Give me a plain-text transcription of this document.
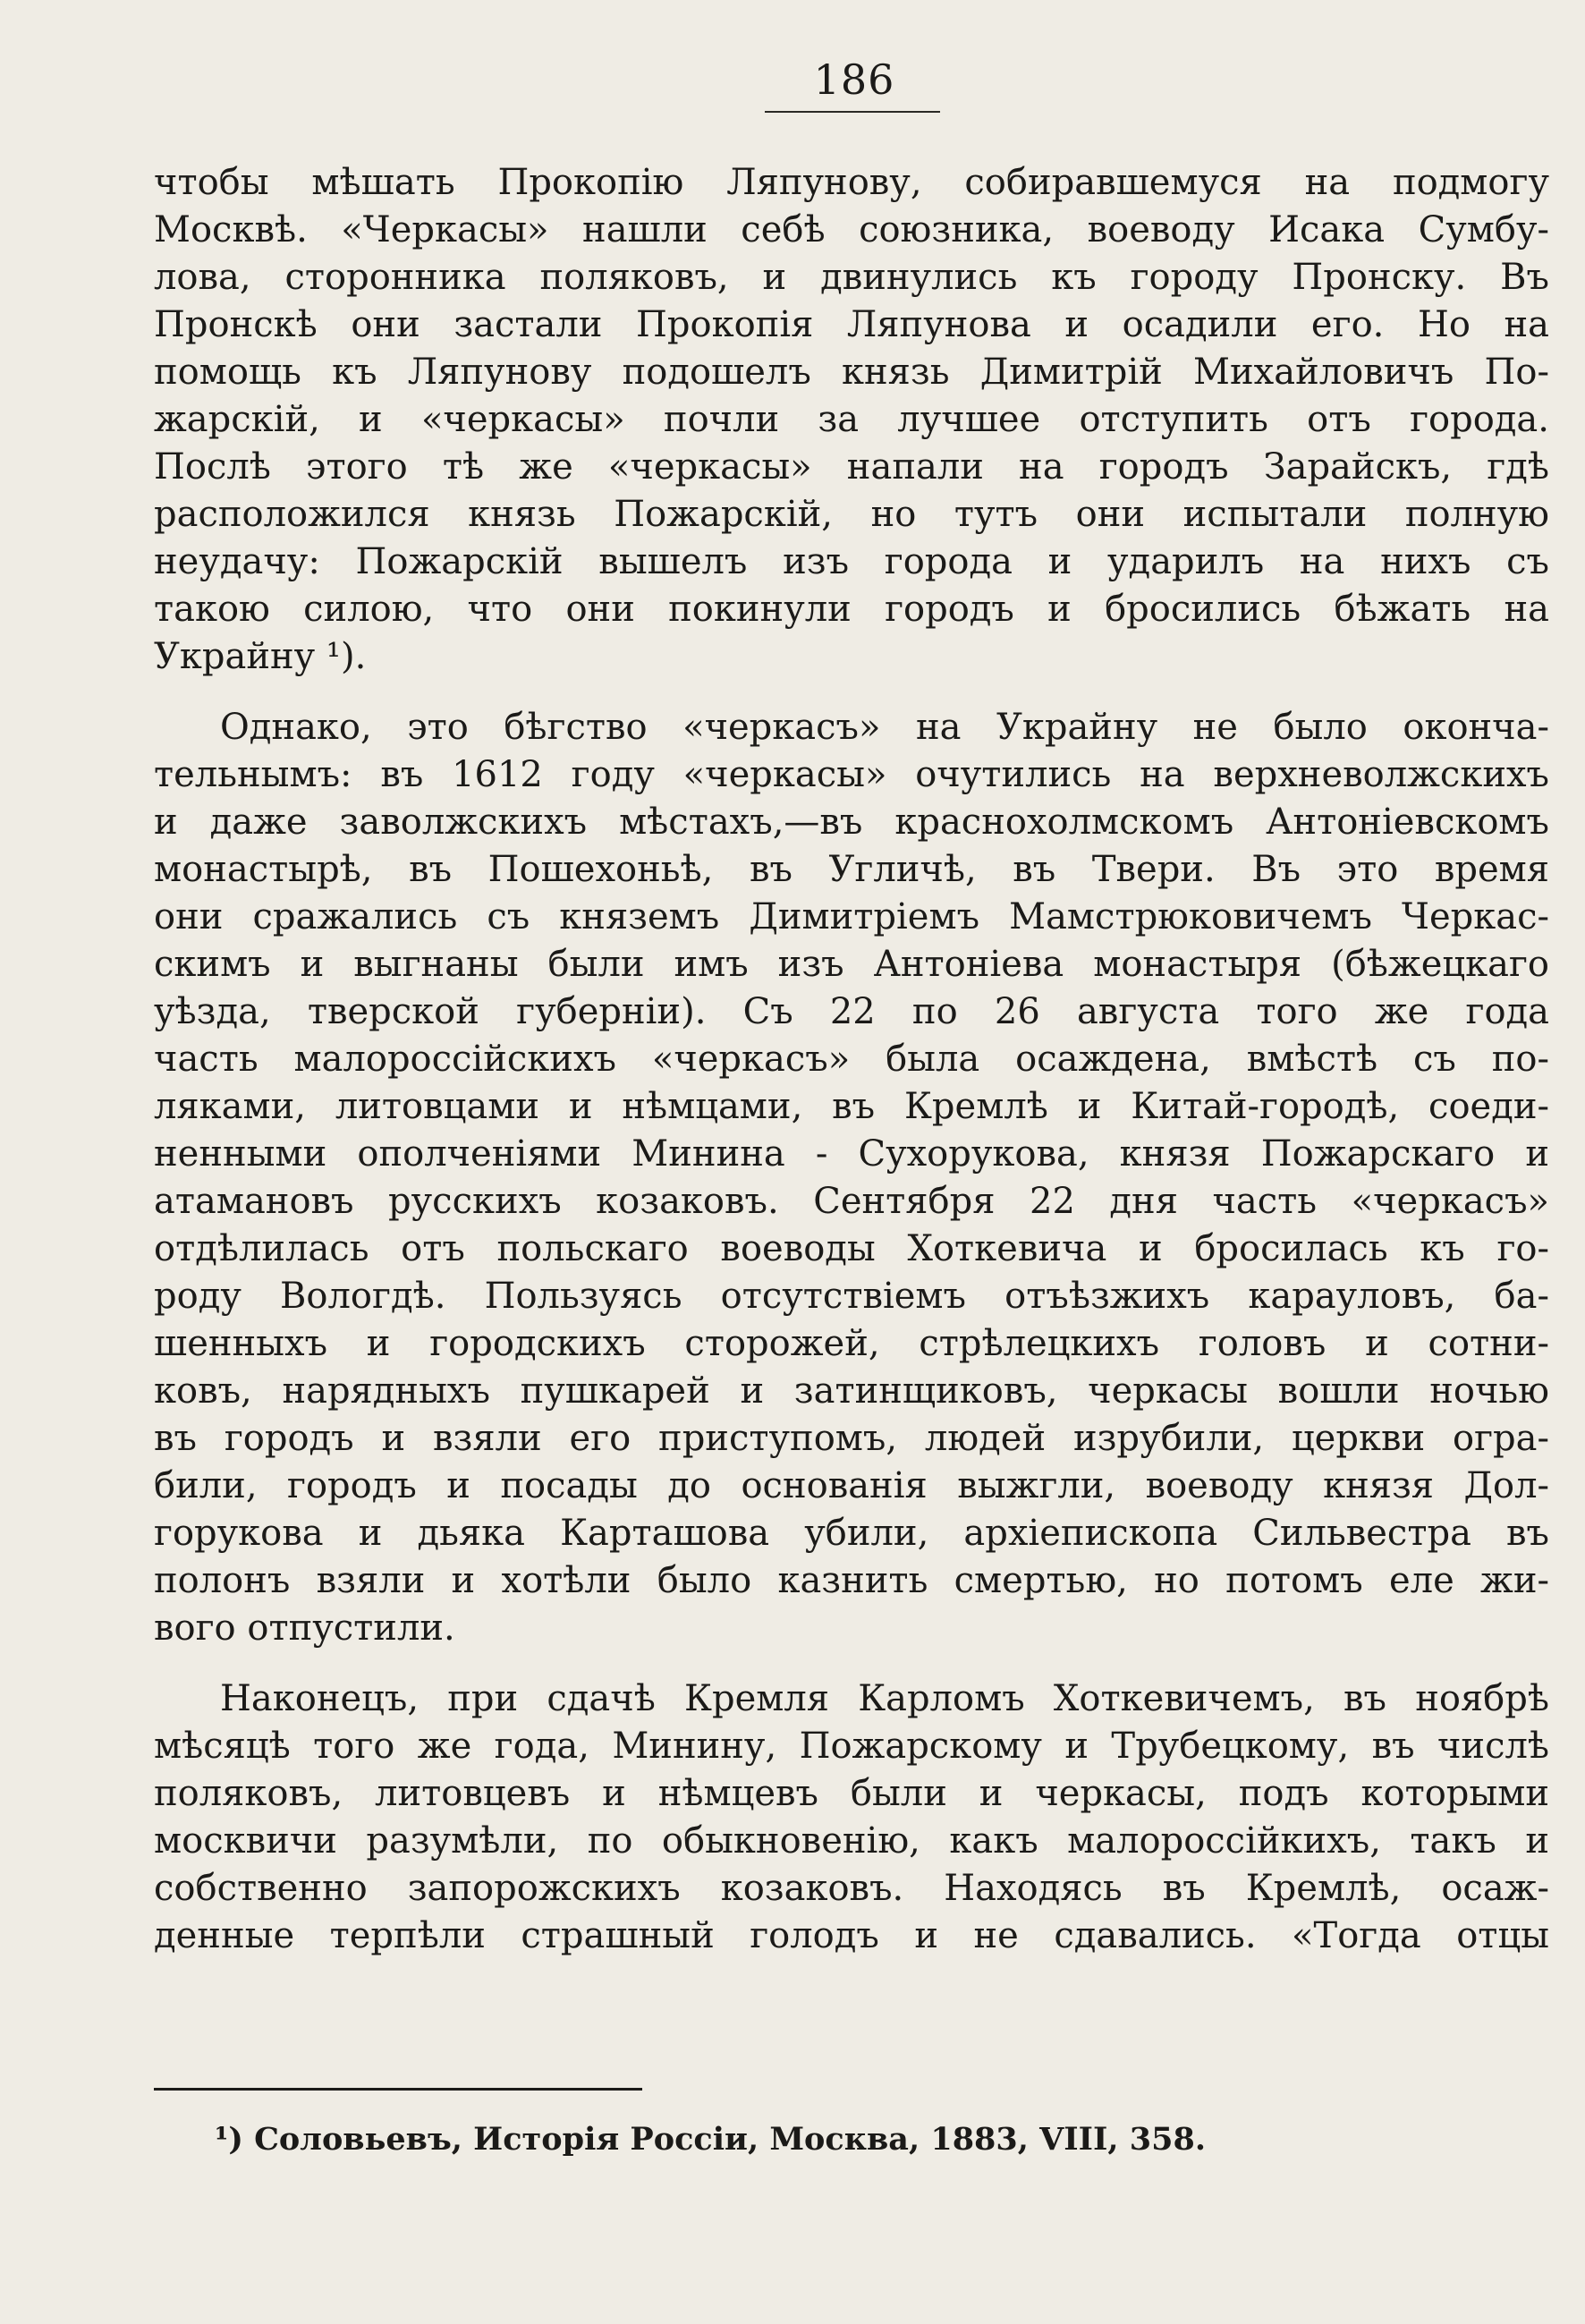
186
чтобы мѣшать Прокопію Ляпунову, собиравшемуся на подмогу
Москвѣ. «Черкасы» нашли себѣ союзника, воеводу Исака Сумбу-
лова, сторонника поляковъ, и двинулись къ городу Пронску. Въ
Пронскѣ они застали Прокопія Ляпунова и осадили его. Но на
помощь къ Ляпунову подошелъ князь Димитрій Михайловичъ По-
жарскій, и «черкасы» почли за лучшее отступить отъ города.
Послѣ этого тѣ же «черкасы» напали на городъ Зарайскъ, гдѣ
расположился князь Пожарскій, но тутъ они испытали полную
неудачу: Пожарскій вышелъ изъ города и ударилъ на нихъ съ
такою силою, что они покинули городъ и бросились бѣжать на
Украйну ¹).
Однако, это бѣгство «черкасъ» на Украйну не было оконча-
тельнымъ: въ 1612 году «черкасы» очутились на верхневолжскихъ
и даже заволжскихъ мѣстахъ,—въ краснохолмскомъ Антоніевскомъ
монастырѣ, въ Пошехоньѣ, въ Угличѣ, въ Твери. Въ это время
они сражались съ княземъ Димитріемъ Мамстрюковичемъ Черкас-
скимъ и выгнаны были имъ изъ Антоніева монастыря (бѣжецкаго
уѣзда, тверской губерніи). Съ 22 по 26 августа того же года
часть малороссійскихъ «черкасъ» была осаждена, вмѣстѣ съ по-
ляками, литовцами и нѣмцами, въ Кремлѣ и Китай-городѣ, соеди-
ненными ополченіями Минина - Сухорукова, князя Пожарскаго и
атамановъ русскихъ козаковъ. Сентября 22 дня часть «черкасъ»
отдѣлилась отъ польскаго воеводы Хоткевича и бросилась къ го-
роду Вологдѣ. Пользуясь отсутствіемъ отъѣзжихъ карауловъ, ба-
шенныхъ и городскихъ сторожей, стрѣлецкихъ головъ и сотни-
ковъ, нарядныхъ пушкарей и затинщиковъ, черкасы вошли ночью
въ городъ и взяли его приступомъ, людей изрубили, церкви огра-
били, городъ и посады до основанія выжгли, воеводу князя Дол-
горукова и дьяка Карташова убили, архіепископа Сильвестра въ
полонъ взяли и хотѣли было казнить смертью, но потомъ еле жи-
вого отпустили.
Наконецъ, при сдачѣ Кремля Карломъ Хоткевичемъ, въ ноябрѣ
мѣсяцѣ того же года, Минину, Пожарскому и Трубецкому, въ числѣ
поляковъ, литовцевъ и нѣмцевъ были и черкасы, подъ которыми
москвичи разумѣли, по обыкновенію, какъ малороссійкихъ, такъ и
собственно запорожскихъ козаковъ. Находясь въ Кремлѣ, осаж-
денные терпѣли страшный голодъ и не сдавались. «Тогда отцы
¹) Соловьевъ, Исторія Россіи, Москва, 1883, VIII, 358.
